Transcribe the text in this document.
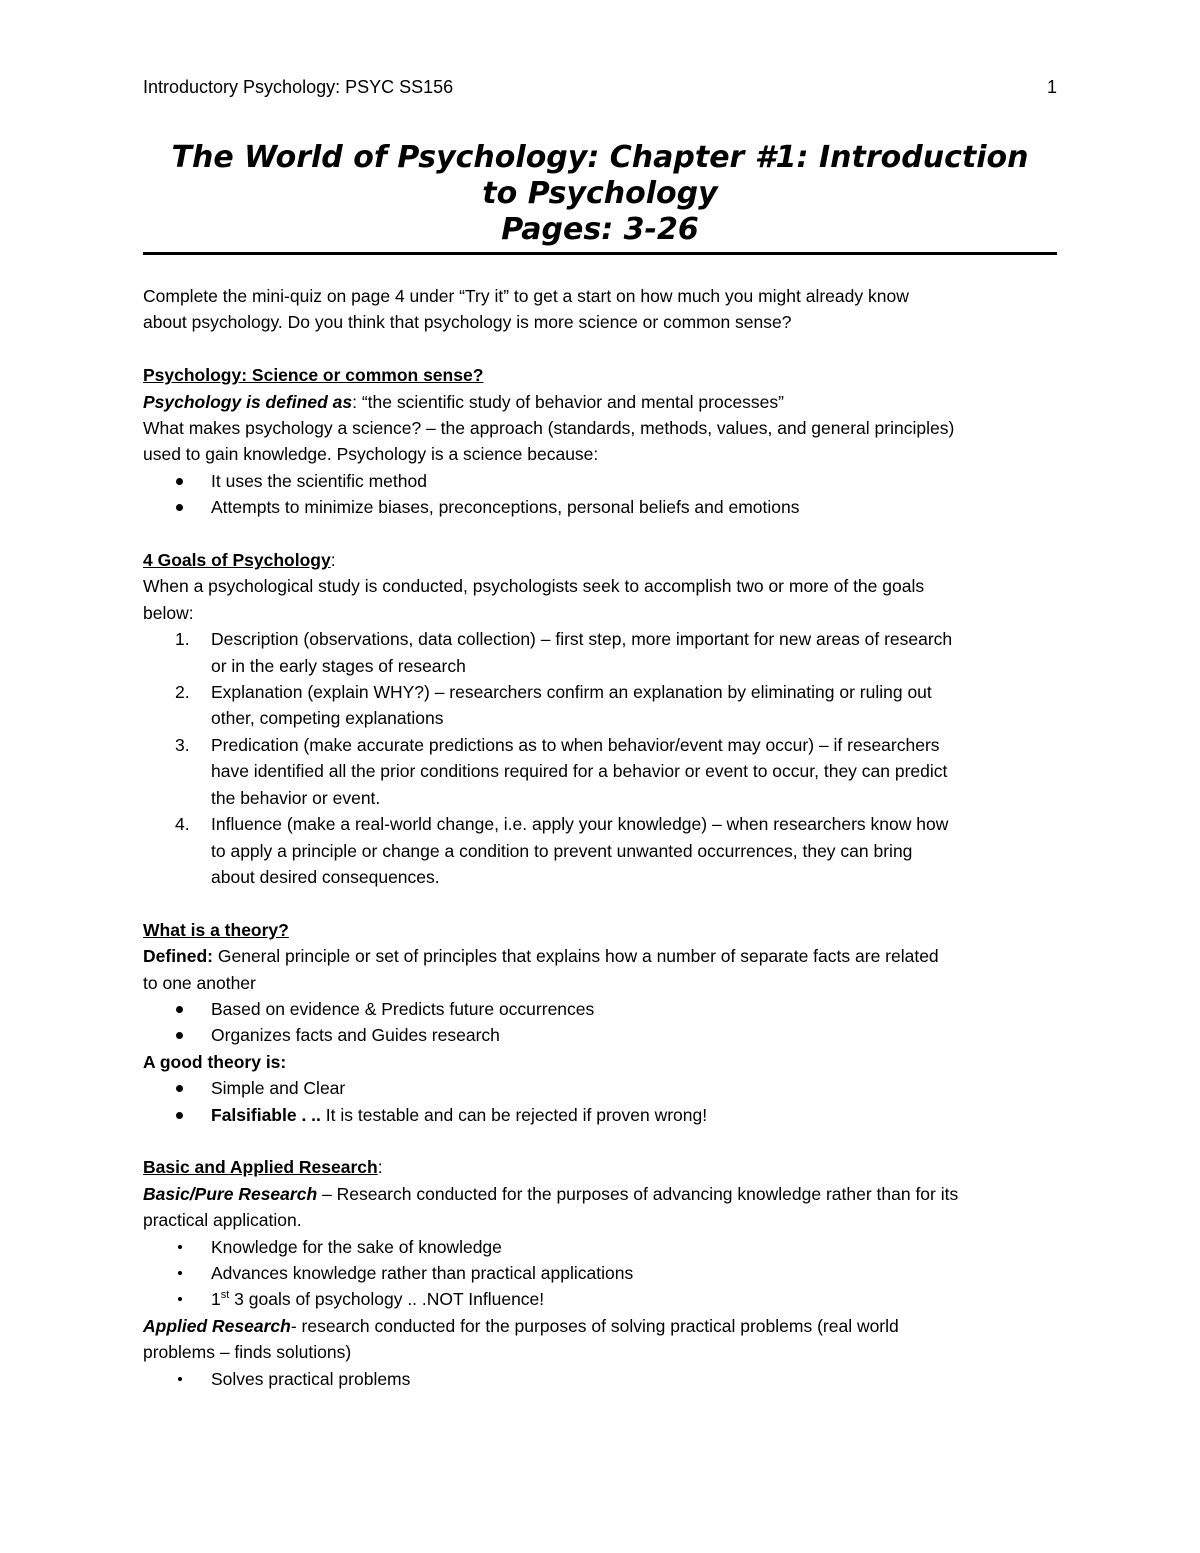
Introductory Psychology: PSYC SS156	1
The World of Psychology: Chapter #1: Introduction
to Psychology
Pages: 3-26

Complete the mini-quiz on page 4 under “Try it” to get a start on how much you might already know

about psychology. Do you think that psychology is more science or common sense?

Psychology: Science or common sense?

Psychology is defined as: “the scientific study of behavior and mental processes”

What makes psychology a science? – the approach (standards, methods, values, and general principles)

used to gain knowledge. Psychology is a science because:

It uses the scientific method
Attempts to minimize biases, preconceptions, personal beliefs and emotions

4 Goals of Psychology:

When a psychological study is conducted, psychologists seek to accomplish two or more of the goals

below:

1. Description (observations, data collection) – first step, more important for new areas of research
or in the early stages of research
2. Explanation (explain WHY?) – researchers confirm an explanation by eliminating or ruling out
other, competing explanations
3. Predication (make accurate predictions as to when behavior/event may occur) – if researchers
have identified all the prior conditions required for a behavior or event to occur, they can predict
the behavior or event.
4. Influence (make a real-world change, i.e. apply your knowledge) – when researchers know how
to apply a principle or change a condition to prevent unwanted occurrences, they can bring
about desired consequences.

What is a theory?

Defined: General principle or set of principles that explains how a number of separate facts are related

to one another

Based on evidence & Predicts future occurrences
Organizes facts and Guides research

A good theory is:

Simple and Clear
Falsifiable . .. It is testable and can be rejected if proven wrong!

Basic and Applied Research:

Basic/Pure Research – Research conducted for the purposes of advancing knowledge rather than for its

practical application.

Knowledge for the sake of knowledge
Advances knowledge rather than practical applications
1st 3 goals of psychology .. .NOT Influence!

Applied Research- research conducted for the purposes of solving practical problems (real world

problems – finds solutions)

Solves practical problems
